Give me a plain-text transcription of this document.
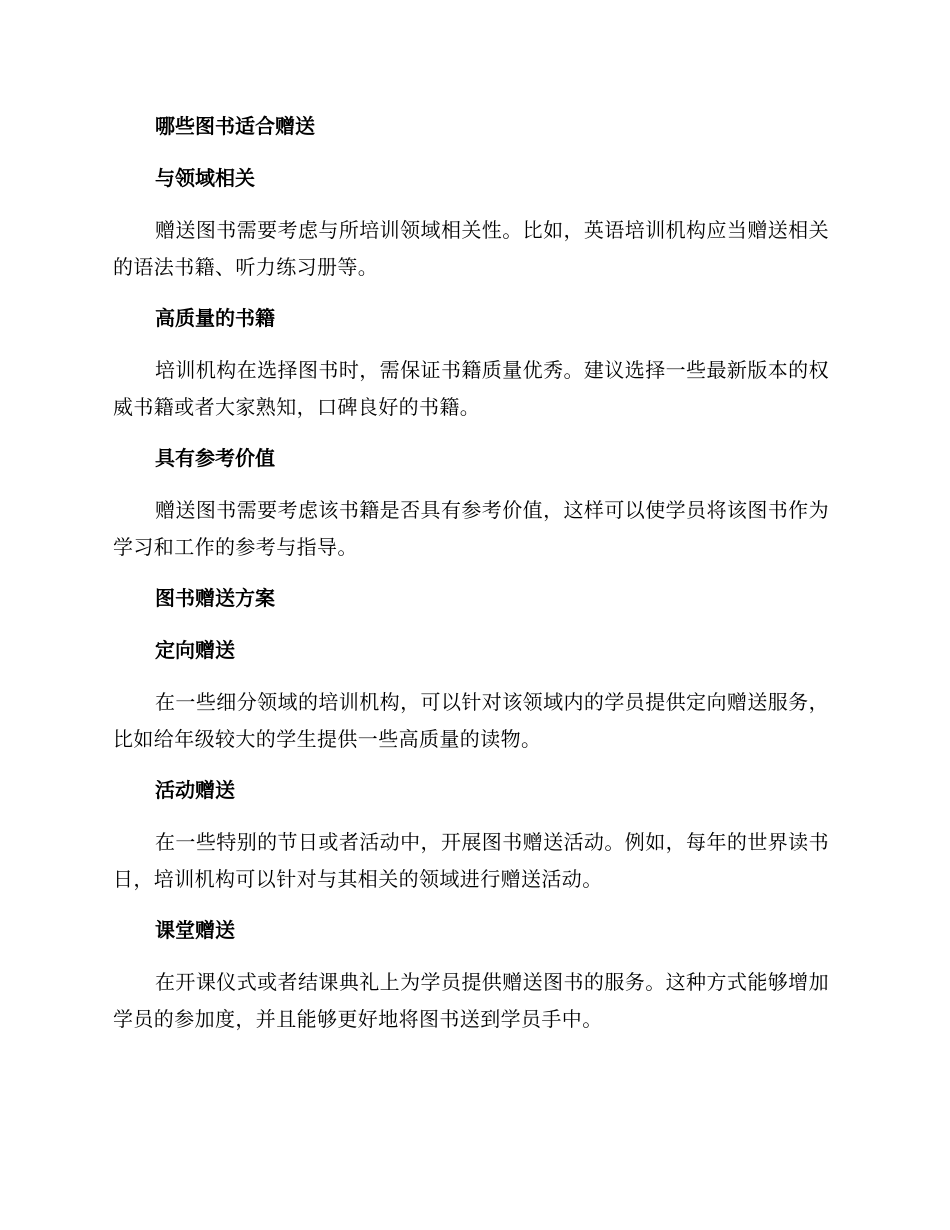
哪些图书适合赠送
与领域相关

赠送图书需要考虑与所培训领域相关性。比如，英语培训机构应当赠送相关的语法书籍、听力练习册等。

高质量的书籍

培训机构在选择图书时，需保证书籍质量优秀。建议选择一些最新版本的权威书籍或者大家熟知，口碑良好的书籍。

具有参考价值

赠送图书需要考虑该书籍是否具有参考价值，这样可以使学员将该图书作为学习和工作的参考与指导。

图书赠送方案
定向赠送

在一些细分领域的培训机构，可以针对该领域内的学员提供定向赠送服务，比如给年级较大的学生提供一些高质量的读物。

活动赠送

在一些特别的节日或者活动中，开展图书赠送活动。例如，每年的世界读书日，培训机构可以针对与其相关的领域进行赠送活动。

课堂赠送

在开课仪式或者结课典礼上为学员提供赠送图书的服务。这种方式能够增加学员的参加度，并且能够更好地将图书送到学员手中。
